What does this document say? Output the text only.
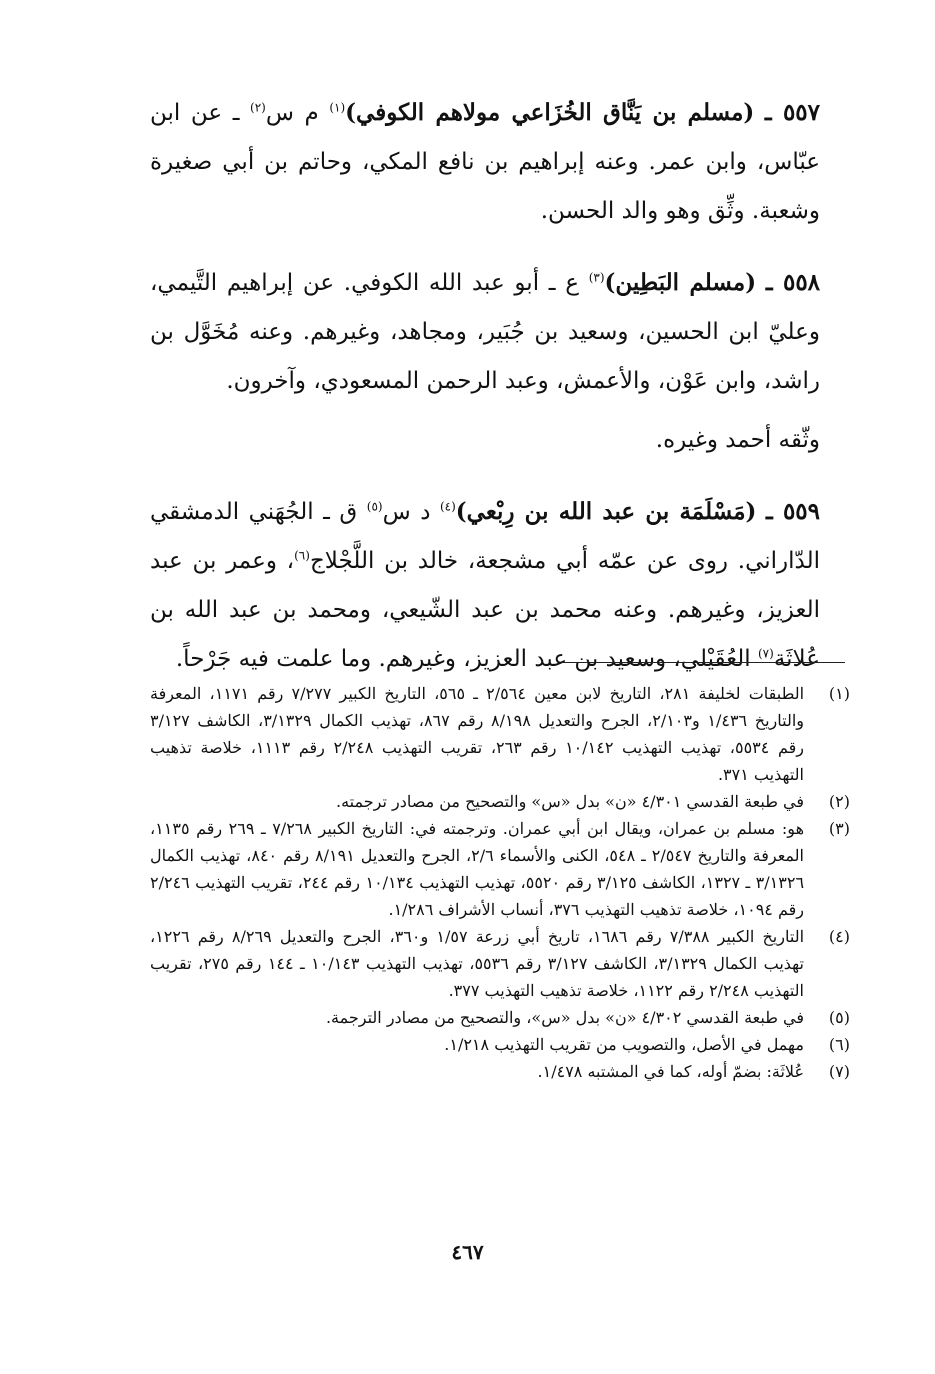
٥٥٧ ـ (مسلم بن يَنَّاق الخُزَاعي مولاهم الكوفي)$^{(١)}$ م س$^{(٢)}$ ـ عن ابن عبّاس، وابن عمر. وعنه إبراهيم بن نافع المكي، وحاتم بن أبي صغيرة وشعبة. وثِّق وهو والد الحسن.

٥٥٨ ـ (مسلم البَطِين)$^{(٣)}$ ع ـ أبو عبد الله الكوفي. عن إبراهيم التَّيمي، وعليّ ابن الحسين، وسعيد بن جُبَير، ومجاهد، وغيرهم. وعنه مُخَوَّل بن راشد، وابن عَوْن، والأعمش، وعبد الرحمن المسعودي، وآخرون.
وثّقه أحمد وغيره.

٥٥٩ ـ (مَسْلَمَة بن عبد الله بن رِبْعي)$^{(٤)}$ د س$^{(٥)}$ ق ـ الجُهَني الدمشقي الدّاراني. روى عن عمّه أبي مشجعة، خالد بن اللَّجْلاج$^{(٦)}$، وعمر بن عبد العزيز، وغيرهم. وعنه محمد بن عبد الشّيعي، ومحمد بن عبد الله بن عُلاثَة$^{(٧)}$ العُقَيْلي، وسعيد بن عبد العزيز، وغيرهم. وما علمت فيه جَرْحاً.

(١)
الطبقات لخليفة ٢٨١، التاريخ لابن معين ٢/٥٦٤ ـ ٥٦٥، التاريخ الكبير ٧/٢٧٧ رقم ١١٧١، المعرفة والتاريخ ١/٤٣٦ و٢/١٠٣، الجرح والتعديل ٨/١٩٨ رقم ٨٦٧، تهذيب الكمال ٣/١٣٢٩، الكاشف ٣/١٢٧ رقم ٥٥٣٤، تهذيب التهذيب ١٠/١٤٢ رقم ٢٦٣، تقريب التهذيب ٢/٢٤٨ رقم ١١١٣، خلاصة تذهيب التهذيب ٣٧١.
(٢)
في طبعة القدسي ٤/٣٠١ «ن» بدل «س» والتصحيح من مصادر ترجمته.
(٣)
هو: مسلم بن عمران، ويقال ابن أبي عمران. وترجمته في: التاريخ الكبير ٧/٢٦٨ ـ ٢٦٩ رقم ١١٣٥، المعرفة والتاريخ ٢/٥٤٧ ـ ٥٤٨، الكنى والأسماء ٢/٦، الجرح والتعديل ٨/١٩١ رقم ٨٤٠، تهذيب الكمال ٣/١٣٢٦ ـ ١٣٢٧، الكاشف ٣/١٢٥ رقم ٥٥٢٠، تهذيب التهذيب ١٠/١٣٤ رقم ٢٤٤، تقريب التهذيب ٢/٢٤٦ رقم ١٠٩٤، خلاصة تذهيب التهذيب ٣٧٦، أنساب الأشراف ١/٢٨٦.
(٤)
التاريخ الكبير ٧/٣٨٨ رقم ١٦٨٦، تاريخ أبي زرعة ١/٥٧ و٣٦٠، الجرح والتعديل ٨/٢٦٩ رقم ١٢٢٦، تهذيب الكمال ٣/١٣٢٩، الكاشف ٣/١٢٧ رقم ٥٥٣٦، تهذيب التهذيب ١٠/١٤٣ ـ ١٤٤ رقم ٢٧٥، تقريب التهذيب ٢/٢٤٨ رقم ١١٢٢، خلاصة تذهيب التهذيب ٣٧٧.
(٥)
في طبعة القدسي ٤/٣٠٢ «ن» بدل «س»، والتصحيح من مصادر الترجمة.
(٦)
مهمل في الأصل، والتصويب من تقريب التهذيب ١/٢١٨.
(٧)
عُلاثَة: بضمّ أوله، كما في المشتبه ١/٤٧٨.
٤٦٧
